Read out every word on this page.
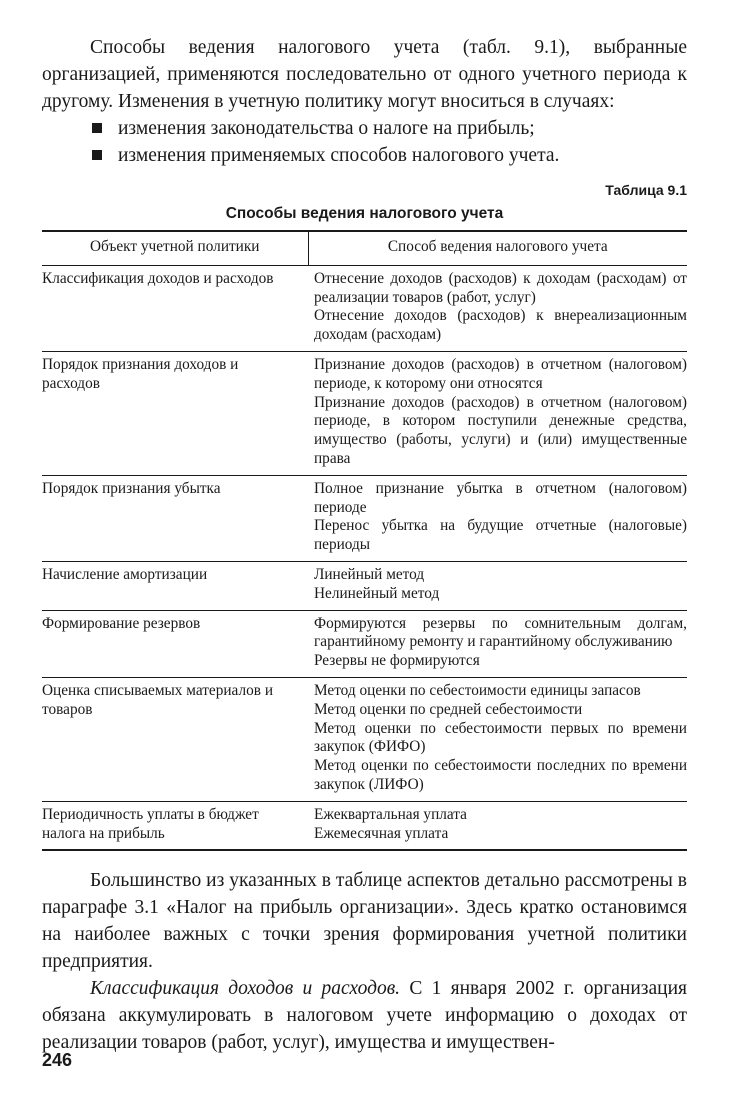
Способы ведения налогового учета (табл. 9.1), выбранные организацией, применяются последовательно от одного учетного периода к другому. Изменения в учетную политику могут вноситься в случаях:

изменения законодательства о налоге на прибыль;
изменения применяемых способов налогового учета.
Таблица 9.1
Способы ведения налогового учета
Объект учетной политики	Способ ведения налогового учета
Классификация доходов и расходов	Отнесение доходов (расходов) к доходам (расходам) от реализации товаров (работ, услуг)
Отнесение доходов (расходов) к внереализационным доходам (расходам)

Порядок признания доходов и расходов	Признание доходов (расходов) в отчетном (налоговом) периоде, к которому они относятся
Признание доходов (расходов) в отчетном (налоговом) периоде, в котором поступили денежные средства, имущество (работы, услуги) и (или) имущественные права

Порядок признания убытка	Полное признание убытка в отчетном (налоговом) периоде
Перенос убытка на будущие отчетные (налоговые) периоды

Начисление амортизации	Линейный метод
Нелинейный метод

Формирование резервов	Формируются резервы по сомнительным долгам, гарантийному ремонту и гарантийному обслуживанию
Резервы не формируются

Оценка списываемых материалов и товаров	Метод оценки по себестоимости единицы запасов
Метод оценки по средней себестоимости
Метод оценки по себестоимости первых по времени закупок (ФИФО)
Метод оценки по себестоимости последних по времени закупок (ЛИФО)

Периодичность уплаты в бюджет налога на прибыль	Ежеквартальная уплата
Ежемесячная уплата

Большинство из указанных в таблице аспектов детально рассмотрены в параграфе 3.1 «Налог на прибыль организации». Здесь кратко остановимся на наиболее важных с точки зрения формирования учетной политики предприятия.

Классификация доходов и расходов. С 1 января 2002 г. организация обязана аккумулировать в налоговом учете информацию о доходах от реализации товаров (работ, услуг), имущества и имуществен-

246
